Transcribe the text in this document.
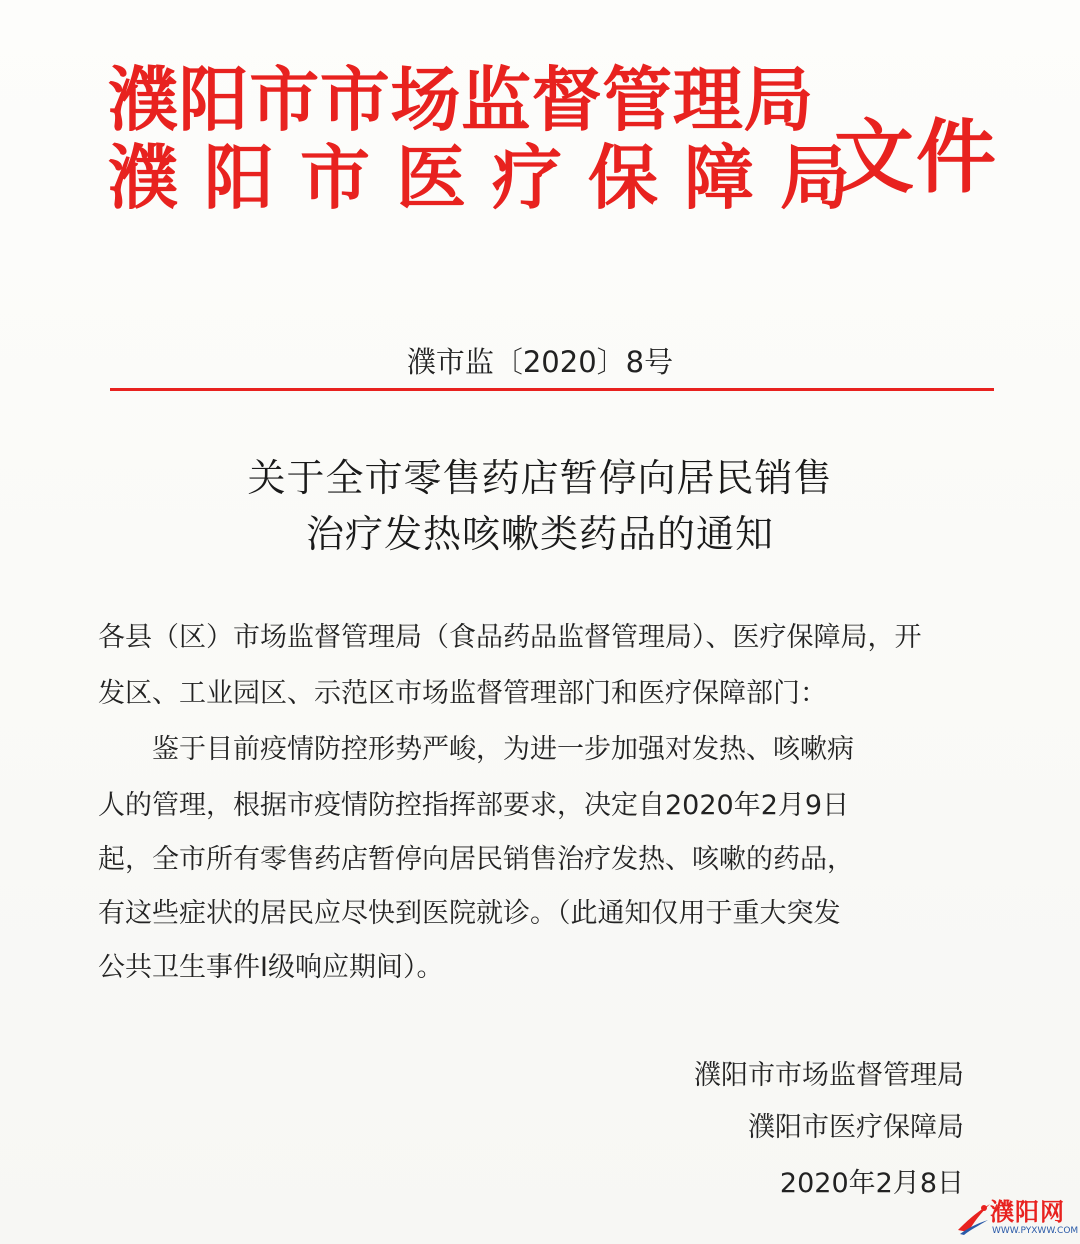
濮阳市市场监督管理局
濮阳市医疗保障局
文件
濮市监〔2020〕8号
关于全市零售药店暂停向居民销售
治疗发热咳嗽类药品的通知
各县（区）市场监督管理局（食品药品监督管理局）、医疗保障局，开
发区、工业园区、示范区市场监督管理部门和医疗保障部门：
鉴于目前疫情防控形势严峻，为进一步加强对发热、咳嗽病
人的管理，根据市疫情防控指挥部要求，决定自2020年2月9日
起，全市所有零售药店暂停向居民销售治疗发热、咳嗽的药品，
有这些症状的居民应尽快到医院就诊。（此通知仅用于重大突发
公共卫生事件I级响应期间）。
濮阳市市场监督管理局
濮阳市医疗保障局
2020年2月8日
濮阳网
WWW.PYXWW.COM
